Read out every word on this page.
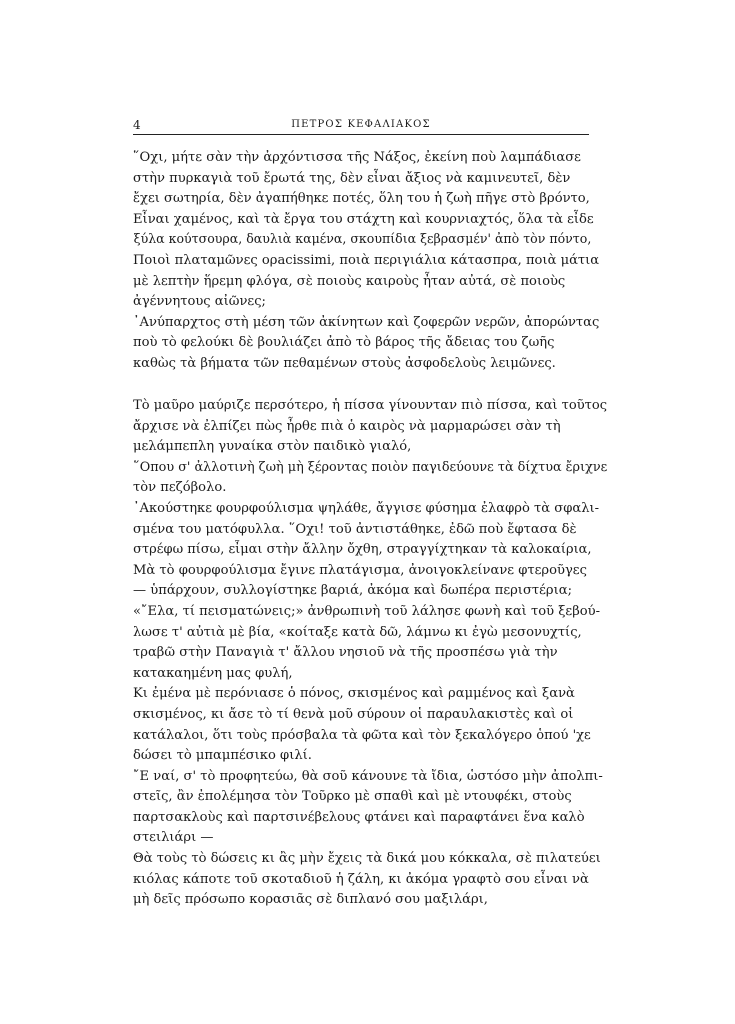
4	ΠΕΤΡΟΣ ΚΕΦΑΛΙΑΚΟΣ
῞Οχι, μήτε σὰν τὴν ἀρχόντισσα τῆς Νάξος, ἐκείνη ποὺ λαμπάδιασε
στὴν πυρκαγιὰ τοῦ ἔρωτά της, δὲν εἶναι ἄξιος νὰ καμινευτεῖ, δὲν
ἔχει σωτηρία, δὲν ἀγαπήθηκε ποτές, ὅλη του ἡ ζωὴ πῆγε στὸ βρόντο,
Εἶναι χαμένος, καὶ τὰ ἔργα του στάχτη καὶ κουρνιαχτός, ὅλα τὰ εἶδε
ξύλα κούτσουρα, δαυλιὰ καμένα, σκουπίδια ξεβρασμέν' ἀπὸ τὸν πόντο,
Ποιοὶ πλαταμῶνες ορacissimi, ποιὰ περιγιάλια κάτασπρα, ποιὰ μάτια
μὲ λεπτὴν ἥρεμη φλόγα, σὲ ποιοὺς καιροὺς ἦταν αὐτά, σὲ ποιοὺς
ἀγέννητους αἰῶνες;
᾿Ανύπαρχτος στὴ μέση τῶν ἀκίνητων καὶ ζοφερῶν νερῶν, ἀπορώντας
ποὺ τὸ φελούκι δὲ βουλιάζει ἀπὸ τὸ βάρος τῆς ἄδειας του ζωῆς
καθὼς τὰ βήματα τῶν πεθαμένων στοὺς ἀσφοδελοὺς λειμῶνες.
Τὸ μαῦρο μαύριζε περσότερο, ἡ πίσσα γίνουνταν πιὸ πίσσα, καὶ τοῦτος
ἄρχισε νὰ ἐλπίζει πὼς ἦρθε πιὰ ὁ καιρὸς νὰ μαρμαρώσει σὰν τὴ
μελάμπεπλη γυναίκα στὸν παιδικὸ γιαλό,
῞Οπου σ' ἀλλοτινὴ ζωὴ μὴ ξέροντας ποιὸν παγιδεύουνε τὰ δίχτυα ἔριχνε
τὸν πεζόβολο.
᾿Ακούστηκε φουρφούλισμα ψηλάθε, ἄγγισε φύσημα ἐλαφρὸ τὰ σφαλι-
σμένα του ματόφυλλα. ῞Οχι! τοῦ ἀντιστάθηκε, ἐδῶ ποὺ ἔφτασα δὲ
στρέφω πίσω, εἶμαι στὴν ἄλλην ὄχθη, στραγγίχτηκαν τὰ καλοκαίρια,
Μὰ τὸ φουρφούλισμα ἔγινε πλατάγισμα, ἀνοιγοκλείνανε φτεροῦγες
— ὑπάρχουν, συλλογίστηκε βαριά, ἀκόμα καὶ δωπέρα περιστέρια;
«῎Ελα, τί πεισματώνεις;» ἀνθρωπινὴ τοῦ λάλησε φωνὴ καὶ τοῦ ξεβού-
λωσε τ' αὐτιὰ μὲ βία, «κοίταξε κατὰ δῶ, λάμνω κι ἐγὼ μεσονυχτίς,
τραβῶ στὴν Παναγιὰ τ' ἄλλου νησιοῦ νὰ τῆς προσπέσω γιὰ τὴν
κατακαημένη μας φυλή,
Κι ἐμένα μὲ περόνιασε ὁ πόνος, σκισμένος καὶ ραμμένος καὶ ξανὰ
σκισμένος, κι ἄσε τὸ τί θενὰ μοῦ σύρουν οἱ παραυλακιστὲς καὶ οἱ
κατάλαλοι, ὅτι τοὺς πρόσβαλα τὰ φῶτα καὶ τὸν ξεκαλόγερο ὁπού 'χε
δώσει τὸ μπαμπέσικο φιλί.
῎Ε ναί, σ' τὸ προφητεύω, θὰ σοῦ κάνουνε τὰ ἴδια, ὡστόσο μὴν ἀπολπι-
στεῖς, ἂν ἐπολέμησα τὸν Τοῦρκο μὲ σπαθὶ καὶ μὲ ντουφέκι, στοὺς
παρτσακλοὺς καὶ παρτσινέβελους φτάνει καὶ παραφτάνει ἕνα καλὸ
στειλιάρι —
Θὰ τοὺς τὸ δώσεις κι ἂς μὴν ἔχεις τὰ δικά μου κόκκαλα, σὲ πιλατεύει
κιόλας κάποτε τοῦ σκοταδιοῦ ἡ ζάλη, κι ἀκόμα γραφτὸ σου εἶναι νὰ
μὴ δεῖς πρόσωπο κορασιᾶς σὲ διπλανό σου μαξιλάρι,
